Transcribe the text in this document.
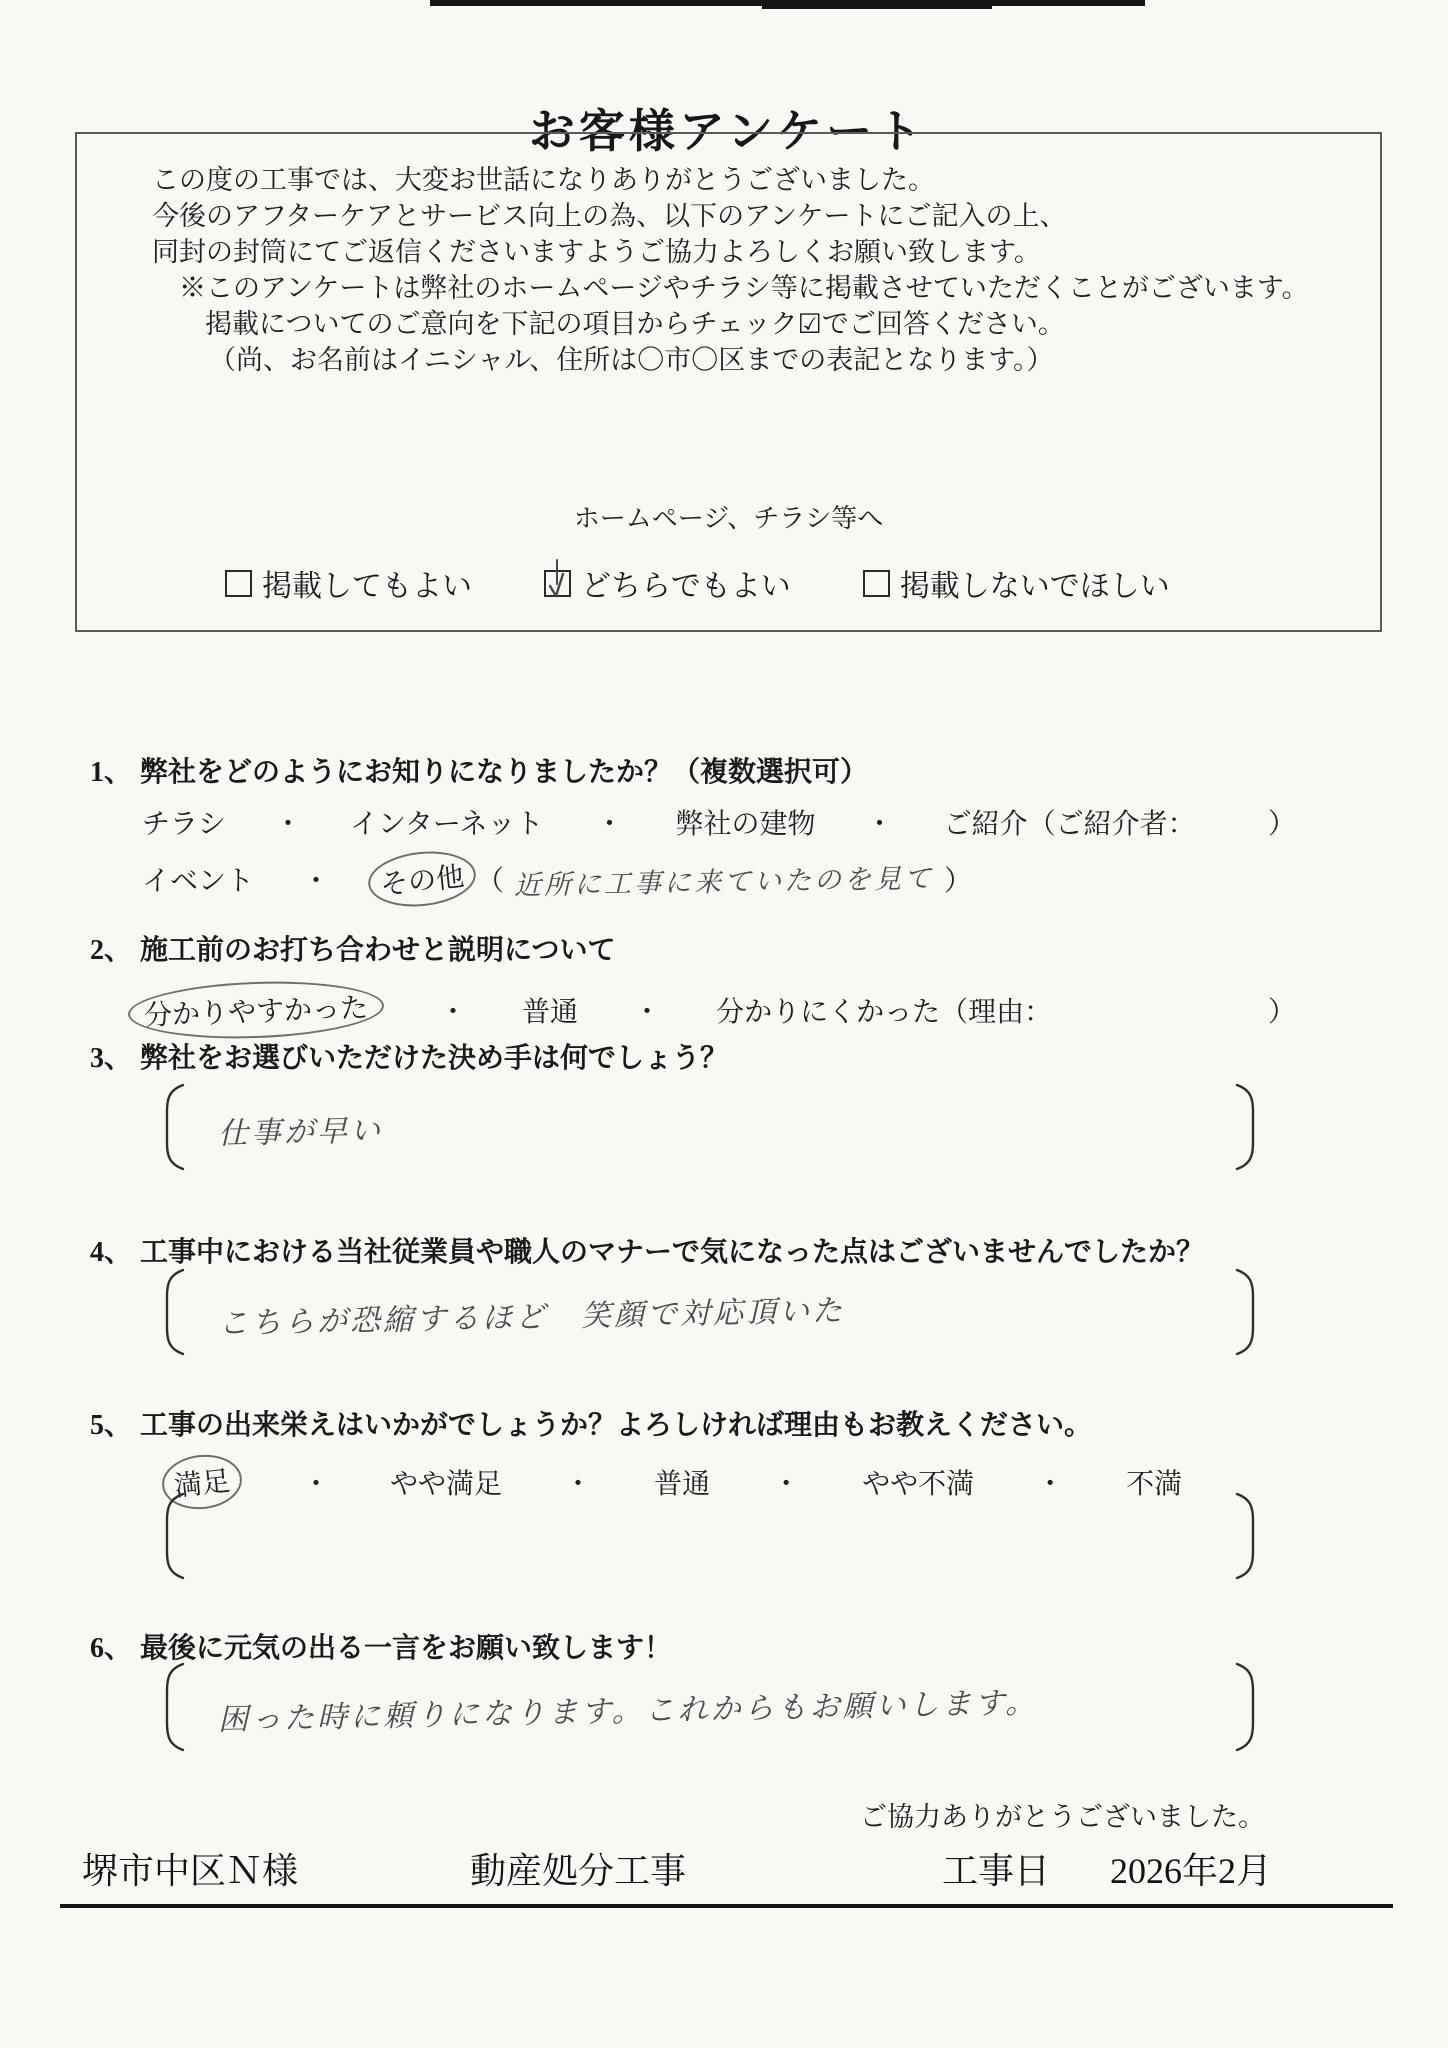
お客様アンケート

この度の工事では、大変お世話になりありがとうございました。

今後のアフターケアとサービス向上の為、以下のアンケートにご記入の上、

同封の封筒にてご返信くださいますようご協力よろしくお願い致します。

※このアンケートは弊社のホームページやチラシ等に掲載させていただくことがございます。

掲載についてのご意向を下記の項目からチェック☑でご回答ください。

（尚、お名前はイニシャル、住所は〇市〇区までの表記となります。）

ホームページ、チラシ等へ
掲載してもよい	どちらでもよい	掲載しないでほしい
1、 弊社をどのようにお知りになりましたか？（複数選択可）
チラシ ・ インターネット ・ 弊社の建物 ・ ご紹介（ご紹介者：	）
イベント ・	その他 （ 近所に工事に来ていたのを見て ）
2、 施工前のお打ち合わせと説明について
分かりやすかった	・ 普通 ・ 分かりにくかった（理由：	）
3、 弊社をお選びいただけた決め手は何でしょう？
仕事が早い
4、 工事中における当社従業員や職人のマナーで気になった点はございませんでしたか？
こちらが恐縮するほど　笑顔で対応頂いた
5、 工事の出来栄えはいかがでしょうか？よろしければ理由もお教えください。
満足	・ やや満足 ・ 普通 ・ やや不満 ・ 不満
6、 最後に元気の出る一言をお願い致します！
困った時に頼りになります。これからもお願いします。
ご協力ありがとうございました。
堺市中区Ｎ様	動産処分工事	工事日 2026年2月
